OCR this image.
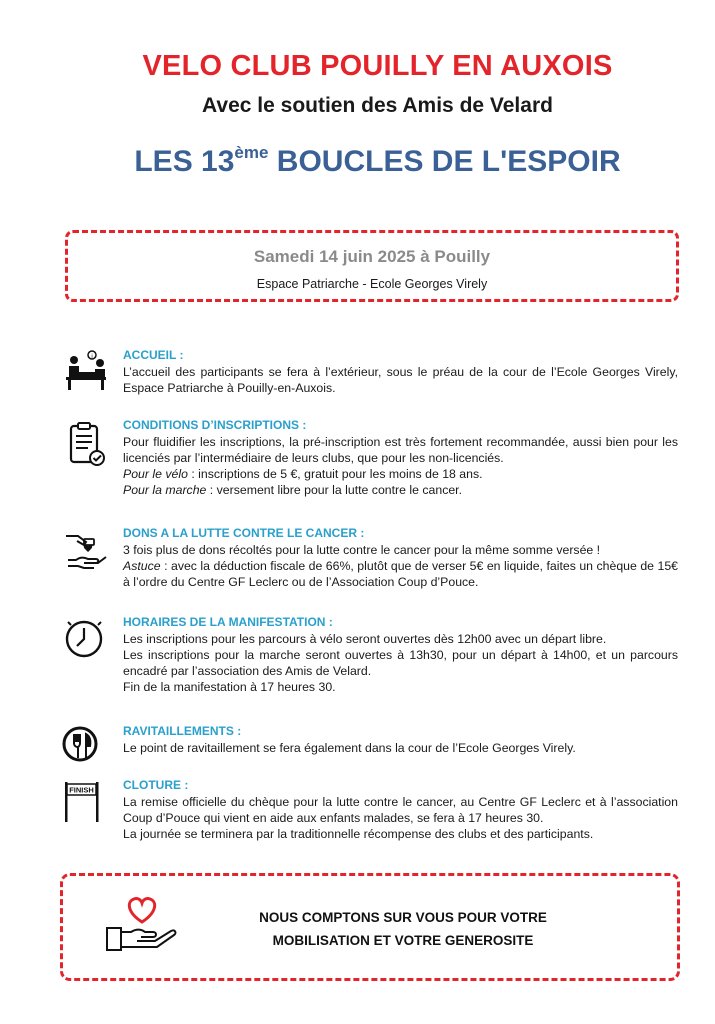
VELO CLUB POUILLY EN AUXOIS
Avec le soutien des Amis de Velard
LES 13ème BOUCLES DE L'ESPOIR
Samedi 14 juin 2025 à Pouilly
Espace Patriarche - Ecole Georges Virely
i	ACCUEIL :

L’accueil des participants se fera à l’extérieur, sous le préau de la cour de l’Ecole Georges Virely, Espace Patriarche à Pouilly-en-Auxois.

CONDITIONS D’INSCRIPTIONS :

Pour fluidifier les inscriptions, la pré-inscription est très fortement recommandée, aussi bien pour les licenciés par l’intermédiaire de leurs clubs, que pour les non-licenciés.

Pour le vélo : inscriptions de 5 €, gratuit pour les moins de 18 ans.

Pour la marche : versement libre pour la lutte contre le cancer.

DONS A LA LUTTE CONTRE LE CANCER :

3 fois plus de dons récoltés pour la lutte contre le cancer pour la même somme versée !

Astuce : avec la déduction fiscale de 66%, plutôt que de verser 5€ en liquide, faites un chèque de 15€ à l’ordre du Centre GF Leclerc ou de l’Association Coup d’Pouce.

HORAIRES DE LA MANIFESTATION :

Les inscriptions pour les parcours à vélo seront ouvertes dès 12h00 avec un départ libre.

Les inscriptions pour la marche seront ouvertes à 13h30, pour un départ à 14h00, et un parcours encadré par l’association des Amis de Velard.

Fin de la manifestation à 17 heures 30.

RAVITAILLEMENTS :

Le point de ravitaillement se fera également dans la cour de l’Ecole Georges Virely.

FINISH CLOTURE :

La remise officielle du chèque pour la lutte contre le cancer, au Centre GF Leclerc et à l’association Coup d’Pouce qui vient en aide aux enfants malades, se fera à 17 heures 30.

La journée se terminera par la traditionnelle récompense des clubs et des participants.

NOUS COMPTONS SUR VOUS POUR VOTRE
MOBILISATION ET VOTRE GENEROSITE
